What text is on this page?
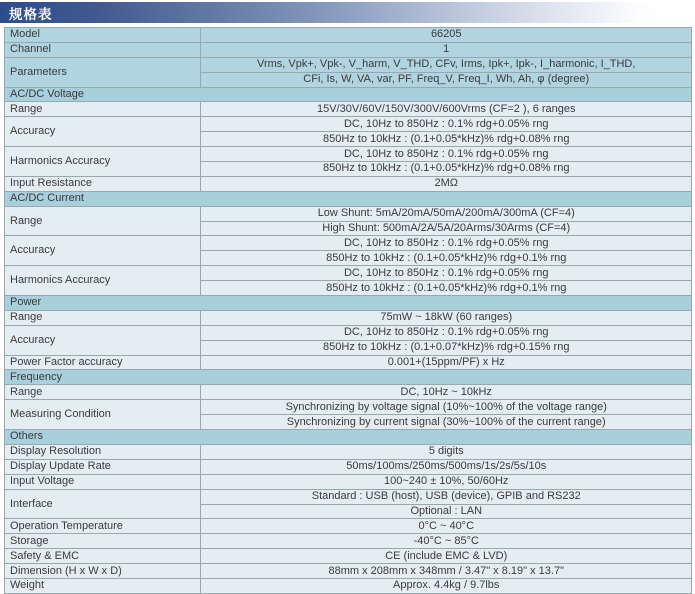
规格表
Model	66205
Channel	1
Parameters	Vrms, Vpk+, Vpk-, V_harm, V_THD, CFv, Irms, Ipk+, Ipk-, I_harmonic, I_THD,
	CFi, Is, W, VA, var, PF, Freq_V, Freq_I, Wh, Ah, φ (degree)
AC/DC Voltage	
Range	15V/30V/60V/150V/300V/600Vrms (CF=2 ), 6 ranges
Accuracy	DC, 10Hz to 850Hz : 0.1% rdg+0.05% rng
	850Hz to 10kHz : (0.1+0.05*kHz)% rdg+0.08% rng
Harmonics Accuracy	DC, 10Hz to 850Hz : 0.1% rdg+0.05% rng
	850Hz to 10kHz : (0.1+0.05*kHz)% rdg+0.08% rng
Input Resistance	2MΩ
AC/DC Current	
Range	Low Shunt: 5mA/20mA/50mA/200mA/300mA (CF=4)
	High Shunt: 500mA/2A/5A/20Arms/30Arms (CF=4)
Accuracy	DC, 10Hz to 850Hz : 0.1% rdg+0.05% rng
	850Hz to 10kHz : (0.1+0.05*kHz)% rdg+0.1% rng
Harmonics Accuracy	DC, 10Hz to 850Hz : 0.1% rdg+0.05% rng
	850Hz to 10kHz : (0.1+0.05*kHz)% rdg+0.1% rng
Power	
Range	75mW ~ 18kW (60 ranges)
Accuracy	DC, 10Hz to 850Hz : 0.1% rdg+0.05% rng
	850Hz to 10kHz : (0.1+0.07*kHz)% rdg+0.15% rng
Power Factor accuracy	0.001+(15ppm/PF) x Hz
Frequency	
Range	DC, 10Hz ~ 10kHz
Measuring Condition	Synchronizing by voltage signal (10%~100% of the voltage range)
	Synchronizing by current signal (30%~100% of the current range)
Others	
Display Resolution	5 digits
Display Update Rate	50ms/100ms/250ms/500ms/1s/2s/5s/10s
Input Voltage	100~240 ± 10%, 50/60Hz
Interface	Standard : USB (host), USB (device), GPIB and RS232
	Optional : LAN
Operation Temperature	0°C ~ 40°C
Storage	-40°C ~ 85°C
Safety & EMC	CE (include EMC & LVD)
Dimension (H x W x D)	88mm x 208mm x 348mm / 3.47" x 8.19" x 13.7"
Weight	Approx. 4.4kg / 9.7lbs
